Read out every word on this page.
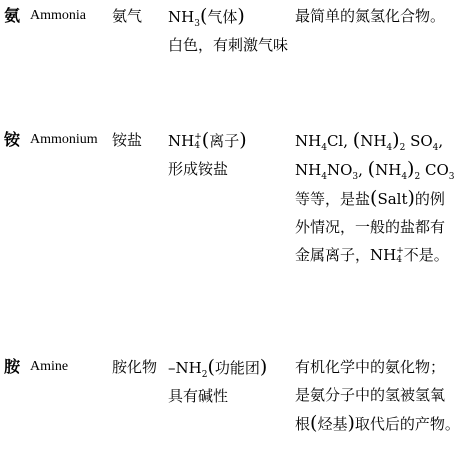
氨 Ammonia 氨气 $NH_3$(气体)
白色，有刺激气味
最简单的氮氢化合物。
铵 Ammonium 铵盐 NH +
4 (离子)
形成铵盐
$NH_4Cl$, $(NH_4)_2$ $SO_4$,
$NH_4NO_3$, $(NH_4)_2$ $CO_3$
等等，是盐(Salt)的例
外情况，一般的盐都有
金属离子，NH +
4 不是。
胺 Amine	胺化物 $-NH_2$(功能团)
具有碱性
有机化学中的氨化物；
是氨分子中的氢被氢氧
根(烃基)取代后的产物。
